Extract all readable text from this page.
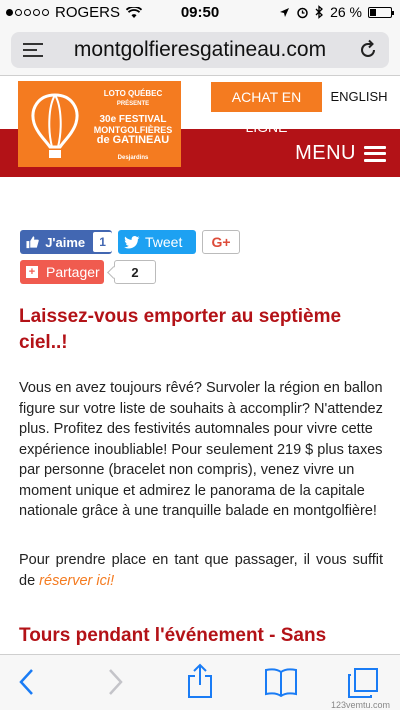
ROGERS	09:50	26 %
montgolfieresgatineau.com
LOTO QUÉBEC
PRÉSENTE
30e FESTIVAL
MONTGOLFIÈRES
de GATINEAU
Desjardins
ACHAT EN LIGNE
ENGLISH
MENU
J'aime	1	Tweet	G+
+ Partager	2
Laissez-vous emporter au septième ciel..!
Vous en avez toujours rêvé? Survoler la région en ballon figure sur votre liste de souhaits à accomplir? N'attendez plus. Profitez des festivités automnales pour vivre cette expérience inoubliable! Pour seulement 219 $ plus taxes par personne (bracelet non compris), venez vivre un moment unique et admirez le panorama de la capitale nationale grâce à une tranquille balade en montgolfière!
Pour prendre place en tant que passager, il vous suffit de réserver ici!
Tours pendant l'événement - Sans
123vemtu.com
